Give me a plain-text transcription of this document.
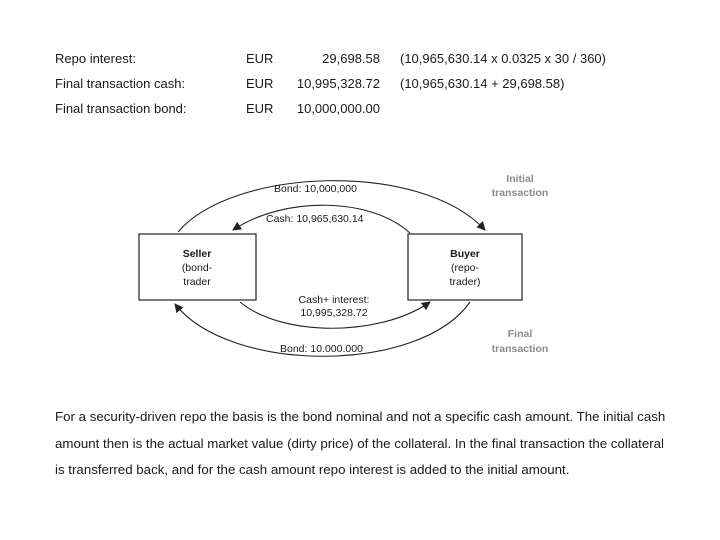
Repo interest:	EUR	29,698.58 (10,965,630.14 x 0.0325 x 30 / 360)
Final transaction cash:	EUR	10,995,328.72 (10,965,630.14 + 29,698.58)
Final transaction bond:	EUR	10,000,000.00
Seller
(bond-
trader
Buyer
(repo-
trader)
Bond: 10,000,000
Cash: 10,965,630.14
Cash+ interest:
10,995,328.72
Bond: 10.000.000
Initial
transaction
Final
transaction

For a security-driven repo the basis is the bond nominal and not a specific cash amount. The initial cash amount then is the actual market value (dirty price) of the collateral. In the final transaction the collateral is transferred back, and for the cash amount repo interest is added to the initial amount.
